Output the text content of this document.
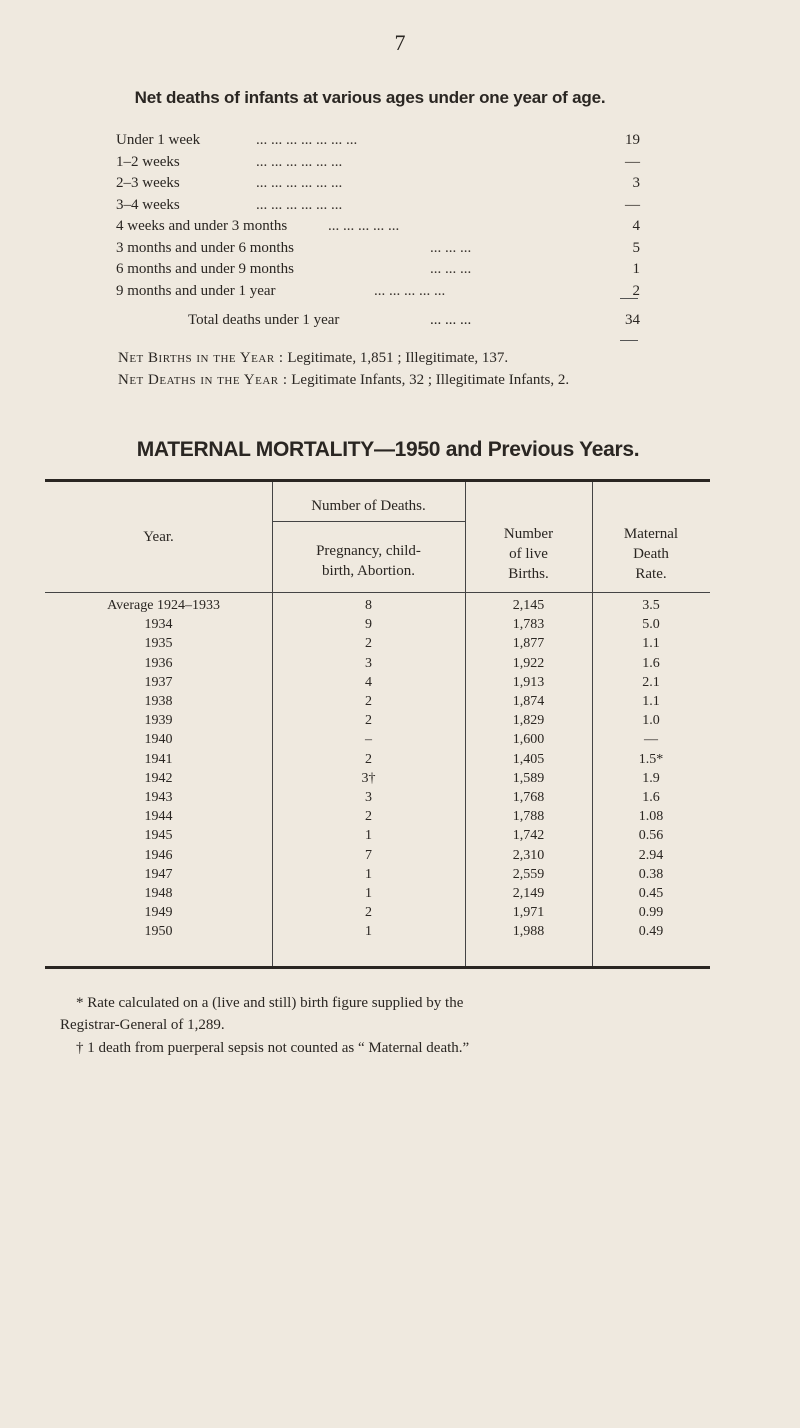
7
Net deaths of infants at various ages under one year of age.
Under 1 week	... ... ... ... ... ... ...	19
1–2 weeks	... ... ... ... ... ...	—
2–3 weeks	... ... ... ... ... ...	3
3–4 weeks	... ... ... ... ... ...	—
4 weeks and under 3 months	... ... ... ... ...	4
3 months and under 6 months	... ... ...	5
6 months and under 9 months	... ... ...	1
9 months and under 1 year	... ... ... ... ...	2
Total deaths under 1 year	... ... ...	34
Net Births in the Year : Legitimate, 1,851 ; Illegitimate, 137.
Net Deaths in the Year : Legitimate Infants, 32 ; Illegitimate Infants, 2.
MATERNAL MORTALITY—1950 and Previous Years.
Year.
Number of Deaths.
Pregnancy, child-
birth, Abortion.
Number
of live
Births.
Maternal
Death
Rate.
Average 1924–1933	8	2,145	3.5
1934	9	1,783	5.0
1935	2	1,877	1.1
1936	3	1,922	1.6
1937	4	1,913	2.1
1938	2	1,874	1.1
1939	2	1,829	1.0
1940	–	1,600	—
1941	2	1,405	1.5*
1942	3†	1,589	1.9
1943	3	1,768	1.6
1944	2	1,788	1.08
1945	1	1,742	0.56
1946	7	2,310	2.94
1947	1	2,559	0.38
1948	1	2,149	0.45
1949	2	1,971	0.99
1950	1	1,988	0.49
* Rate calculated on a (live and still) birth figure supplied by the
Registrar-General of 1,289.
† 1 death from puerperal sepsis not counted as “ Maternal death.”
